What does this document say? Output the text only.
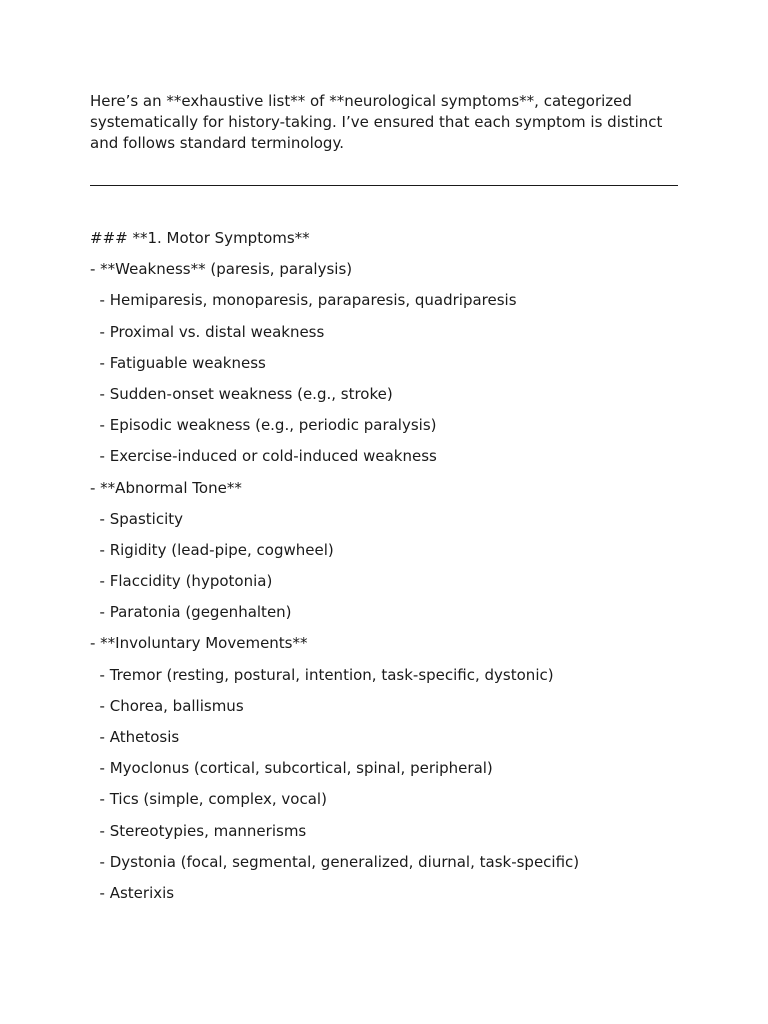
Here’s an **exhaustive list** of **neurological symptoms**, categorized
systematically for history-taking. I’ve ensured that each symptom is distinct
and follows standard terminology.
### **1. Motor Symptoms**
- **Weakness** (paresis, paralysis)
- Hemiparesis, monoparesis, paraparesis, quadriparesis
- Proximal vs. distal weakness
- Fatiguable weakness
- Sudden-onset weakness (e.g., stroke)
- Episodic weakness (e.g., periodic paralysis)
- Exercise-induced or cold-induced weakness
- **Abnormal Tone**
- Spasticity
- Rigidity (lead-pipe, cogwheel)
- Flaccidity (hypotonia)
- Paratonia (gegenhalten)
- **Involuntary Movements**
- Tremor (resting, postural, intention, task-specific, dystonic)
- Chorea, ballismus
- Athetosis
- Myoclonus (cortical, subcortical, spinal, peripheral)
- Tics (simple, complex, vocal)
- Stereotypies, mannerisms
- Dystonia (focal, segmental, generalized, diurnal, task-specific)
- Asterixis
